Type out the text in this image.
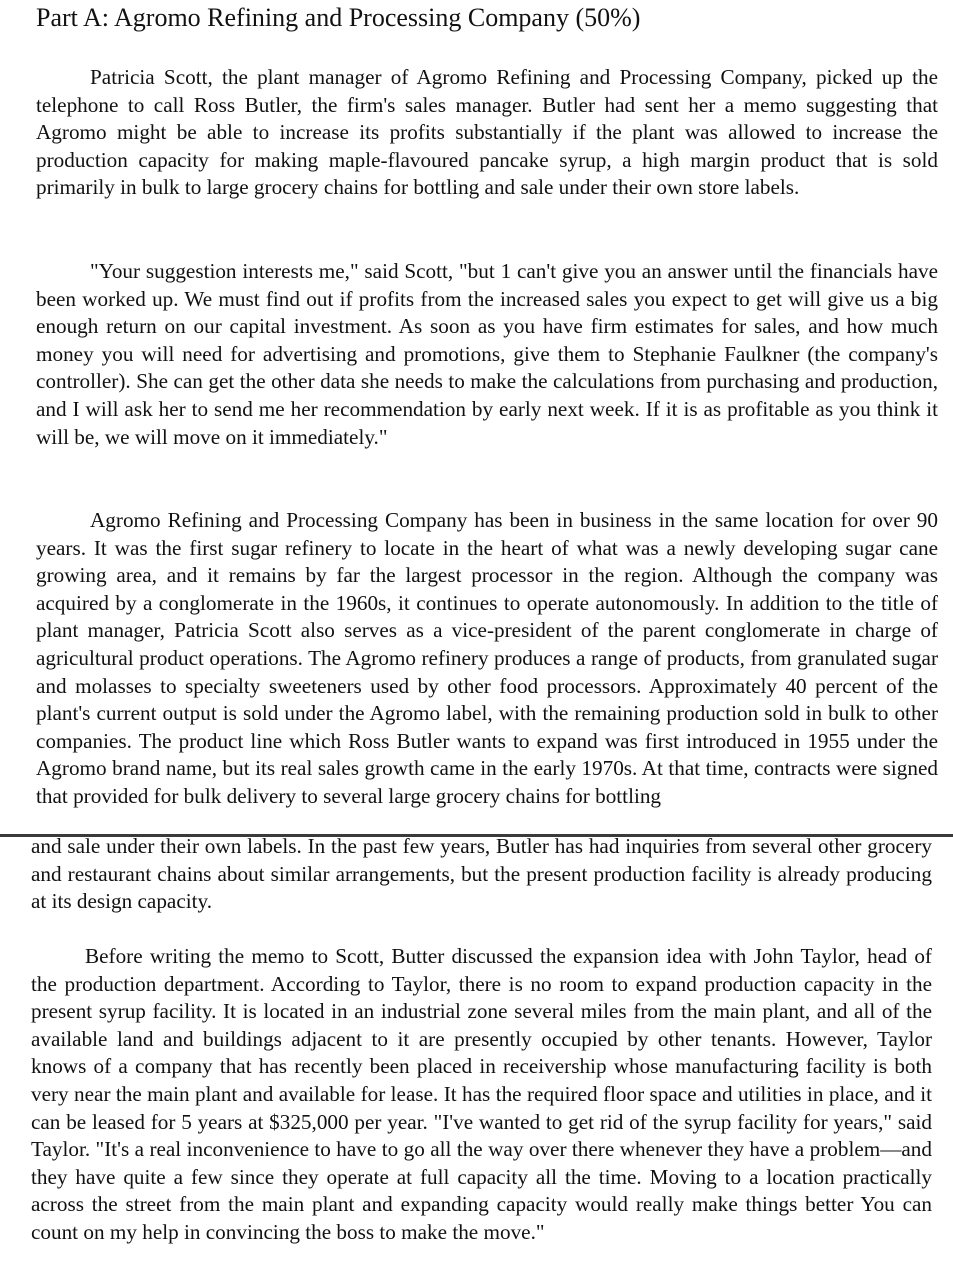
Part A: Agromo Refining and Processing Company (50%)

Patricia Scott, the plant manager of Agromo Refining and Processing Company, picked up the telephone to call Ross Butler, the firm's sales manager. Butler had sent her a memo suggesting that Agromo might be able to increase its profits substantially if the plant was allowed to increase the production capacity for making maple-flavoured pancake syrup, a high margin product that is sold primarily in bulk to large grocery chains for bottling and sale under their own store labels.

"Your suggestion interests me," said Scott, "but 1 can't give you an answer until the financials have been worked up. We must find out if profits from the increased sales you expect to get will give us a big enough return on our capital investment. As soon as you have firm estimates for sales, and how much money you will need for advertising and promotions, give them to Stephanie Faulkner (the company's controller). She can get the other data she needs to make the calculations from purchasing and production, and I will ask her to send me her recommendation by early next week. If it is as profitable as you think it will be, we will move on it immediately."

Agromo Refining and Processing Company has been in business in the same location for over 90 years. It was the first sugar refinery to locate in the heart of what was a newly developing sugar cane growing area, and it remains by far the largest processor in the region. Although the company was acquired by a conglomerate in the 1960s, it continues to operate autonomously. In addition to the title of plant manager, Patricia Scott also serves as a vice-president of the parent conglomerate in charge of agricultural product operations. The Agromo refinery produces a range of products, from granulated sugar and molasses to specialty sweeteners used by other food processors. Approximately 40 percent of the plant's current output is sold under the Agromo label, with the remaining production sold in bulk to other companies. The product line which Ross Butler wants to expand was first introduced in 1955 under the Agromo brand name, but its real sales growth came in the early 1970s. At that time, contracts were signed that provided for bulk delivery to several large grocery chains for bottling

and sale under their own labels. In the past few years, Butler has had inquiries from several other grocery and restaurant chains about similar arrangements, but the present production facility is already producing at its design capacity.

Before writing the memo to Scott, Butter discussed the expansion idea with John Taylor, head of the production department. According to Taylor, there is no room to expand production capacity in the present syrup facility. It is located in an industrial zone several miles from the main plant, and all of the available land and buildings adjacent to it are presently occupied by other tenants. However, Taylor knows of a company that has recently been placed in receivership whose manufacturing facility is both very near the main plant and available for lease. It has the required floor space and utilities in place, and it can be leased for 5 years at $325,000 per year. "I've wanted to get rid of the syrup facility for years," said Taylor. "It's a real inconvenience to have to go all the way over there whenever they have a problem—and they have quite a few since they operate at full capacity all the time. Moving to a location practically across the street from the main plant and expanding capacity would really make things better You can count on my help in convincing the boss to make the move."
